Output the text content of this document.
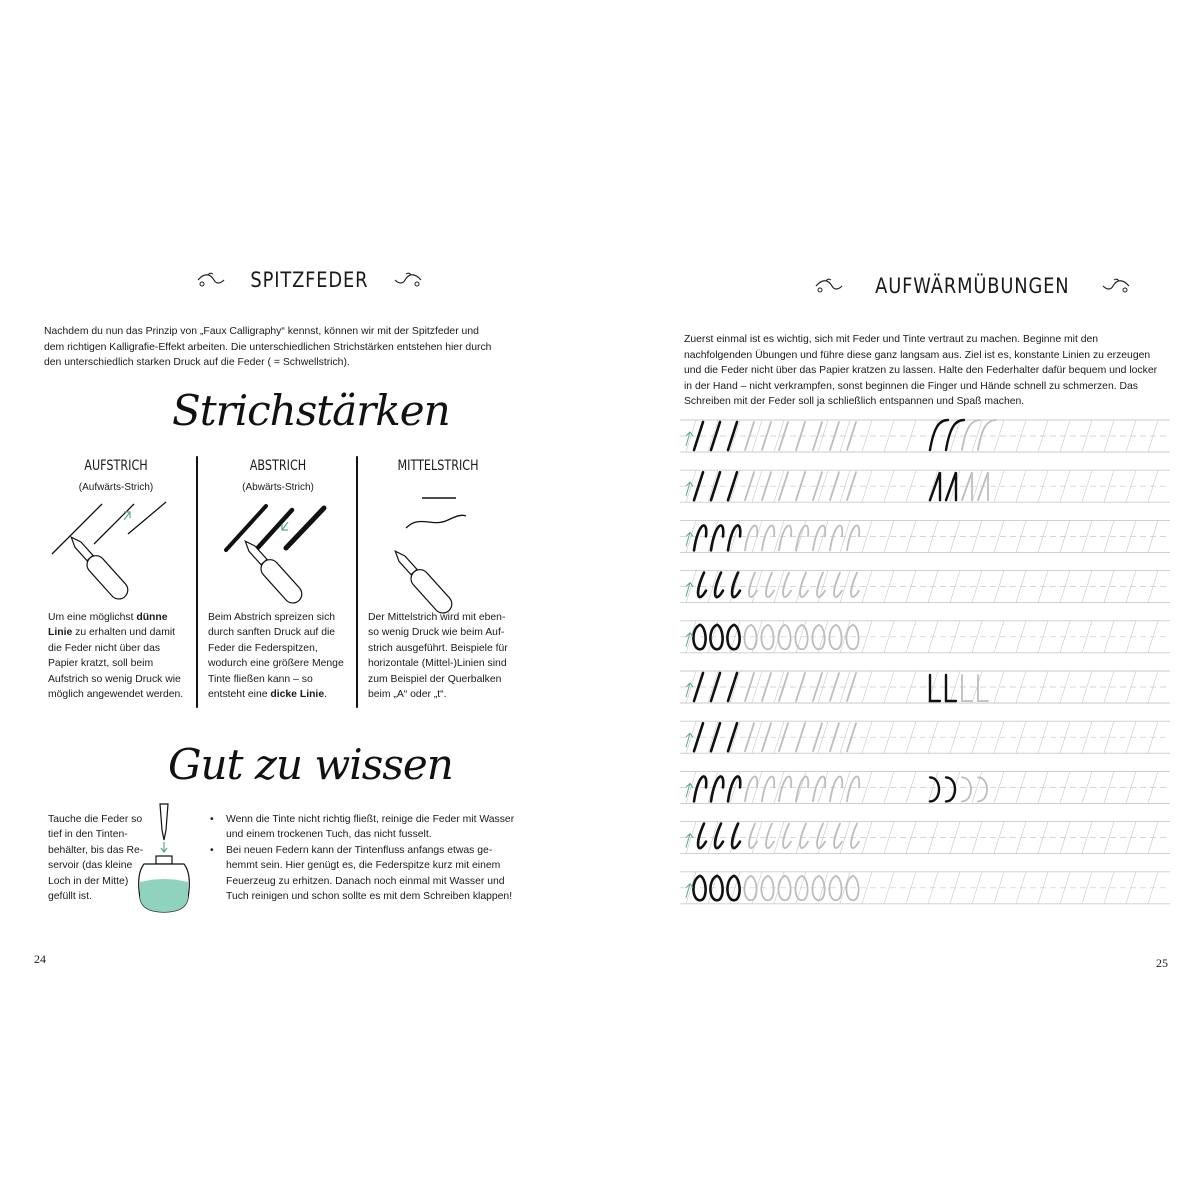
SPITZFEDER

Nachdem du nun das Prinzip von „Faux Calligraphy“ kennst, können wir mit der Spitzfeder und
dem richtigen Kalligrafie-Effekt arbeiten. Die unterschiedlichen Strichstärken entstehen hier durch
den unterschiedlich starken Druck auf die Feder ( = Schwellstrich).

Strichstärken
AUFSTRICH
(Aufwärts-Strich)

Um eine möglichst dünne Linie zu erhalten und damit die Feder nicht über das Papier kratzt, soll beim Aufstrich so wenig Druck wie möglich angewendet werden.

ABSTRICH
(Abwärts-Strich)

Beim Abstrich spreizen sich durch sanften Druck auf die Feder die Federspitzen, wodurch eine größere Menge Tinte fließen kann – so entsteht eine dicke Linie.

MITTELSTRICH

Der Mittelstrich wird mit ebenso wenig Druck wie beim Aufstrich ausgeführt. Beispiele für horizontale (Mittel-)Linien sind zum Beispiel der Querbalken beim „A“ oder „t“.

Gut zu wissen

Tauche die Feder so tief in den Tintenbehälter, bis das Reservoir (das kleine Loch in der Mitte) gefüllt ist.

• Wenn die Tinte nicht richtig fließt, reinige die Feder mit Wasser und einem trockenen Tuch, das nicht fusselt.
• Bei neuen Federn kann der Tintenfluss anfangs etwas gehemmt sein. Hier genügt es, die Federspitze kurz mit einem Feuerzeug zu erhitzen. Danach noch einmal mit Wasser und Tuch reinigen und schon sollte es mit dem Schreiben klappen!
24
AUFWÄRMÜBUNGEN

Zuerst einmal ist es wichtig, sich mit Feder und Tinte vertraut zu machen. Beginne mit den nachfolgenden Übungen und führe diese ganz langsam aus. Ziel ist es, konstante Linien zu erzeugen und die Feder nicht über das Papier kratzen zu lassen. Halte den Federhalter dafür bequem und locker in der Hand – nicht verkrampfen, sonst beginnen die Finger und Hände schnell zu schmerzen. Das Schreiben mit der Feder soll ja schließlich entspannen und Spaß machen.

25
